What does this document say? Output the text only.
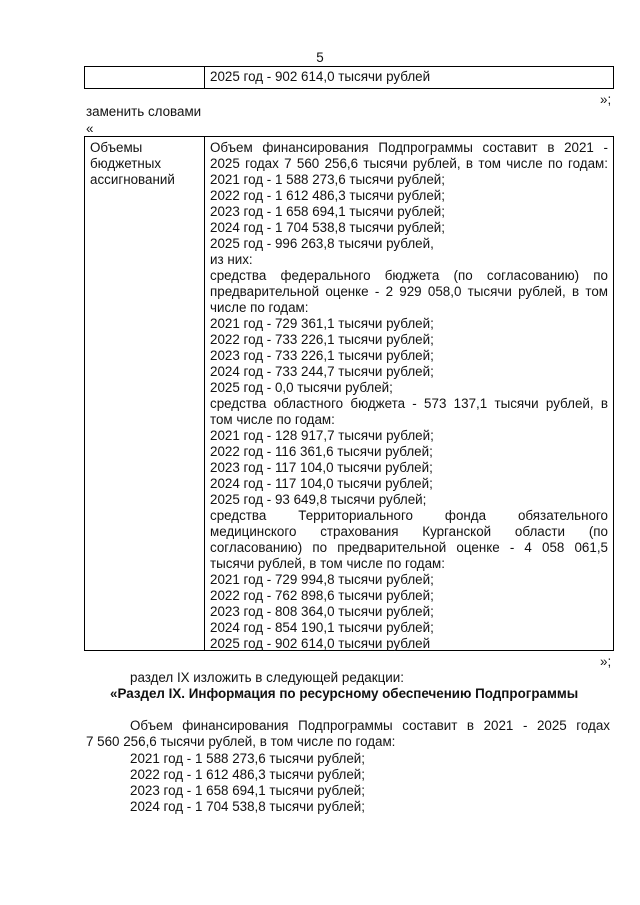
5
2025 год - 902 614,0 тысячи рублей
»;
заменить словами
«
Объемы
бюджетных
ассигнований
Объем финансирования Подпрограммы составит в 2021 -
2025 годах 7 560 256,6 тысячи рублей, в том числе по годам:
2021 год - 1 588 273,6 тысячи рублей;
2022 год - 1 612 486,3 тысячи рублей;
2023 год - 1 658 694,1 тысячи рублей;
2024 год - 1 704 538,8 тысячи рублей;
2025 год - 996 263,8 тысячи рублей,
из них:
средства федерального бюджета (по согласованию) по
предварительной оценке - 2 929 058,0 тысячи рублей, в том
числе по годам:
2021 год - 729 361,1 тысячи рублей;
2022 год - 733 226,1 тысячи рублей;
2023 год - 733 226,1 тысячи рублей;
2024 год - 733 244,7 тысячи рублей;
2025 год - 0,0 тысячи рублей;
средства областного бюджета - 573 137,1 тысячи рублей, в
том числе по годам:
2021 год - 128 917,7 тысячи рублей;
2022 год - 116 361,6 тысячи рублей;
2023 год - 117 104,0 тысячи рублей;
2024 год - 117 104,0 тысячи рублей;
2025 год - 93 649,8 тысячи рублей;
средства Территориального фонда обязательного
медицинского страхования Курганской области (по
согласованию) по предварительной оценке - 4 058 061,5
тысячи рублей, в том числе по годам:
2021 год - 729 994,8 тысячи рублей;
2022 год - 762 898,6 тысячи рублей;
2023 год - 808 364,0 тысячи рублей;
2024 год - 854 190,1 тысячи рублей;
2025 год - 902 614,0 тысячи рублей
»;
раздел IX изложить в следующей редакции:
«Раздел IX. Информация по ресурсному обеспечению Подпрограммы
Объем финансирования Подпрограммы составит в 2021 - 2025 годах
7 560 256,6 тысячи рублей, в том числе по годам:
2021 год - 1 588 273,6 тысячи рублей;
2022 год - 1 612 486,3 тысячи рублей;
2023 год - 1 658 694,1 тысячи рублей;
2024 год - 1 704 538,8 тысячи рублей;
